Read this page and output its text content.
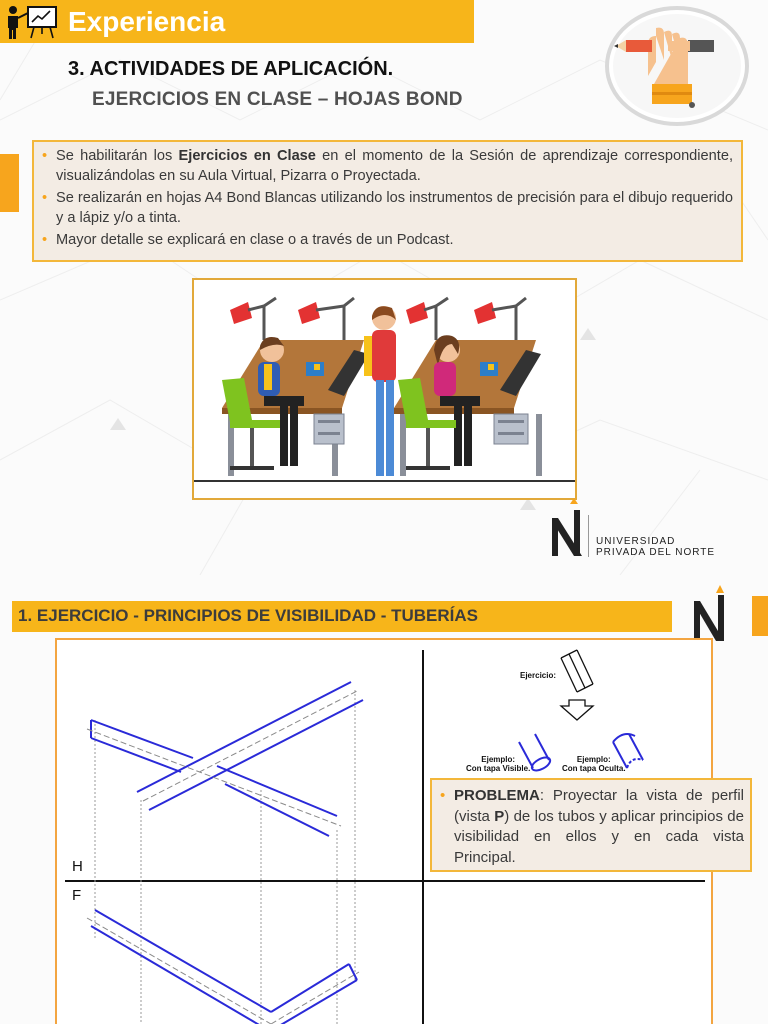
Experiencia
3. ACTIVIDADES DE APLICACIÓN.
EJERCICIOS EN CLASE – HOJAS BOND
• Se habilitarán los Ejercicios en Clase en el momento de la Sesión de aprendizaje correspondiente, visualizándolas en su Aula Virtual, Pizarra o Proyectada.
• Se realizarán en hojas A4 Bond Blancas utilizando los instrumentos de precisión para el dibujo requerido y a lápiz y/o a tinta.
• Mayor detalle se explicará en clase o a través de un Podcast.
UNIVERSIDAD
PRIVADA DEL NORTE
1. EJERCICIO - PRINCIPIOS DE VISIBILIDAD - TUBERÍAS
Ejercicio:
Ejemplo:
Con tapa Visible.
Ejemplo:
Con tapa Oculta.
H
F
• PROBLEMA: Proyectar la vista de perfil (vista P) de los tubos y aplicar principios de visibilidad en ellos y en cada vista Principal.
